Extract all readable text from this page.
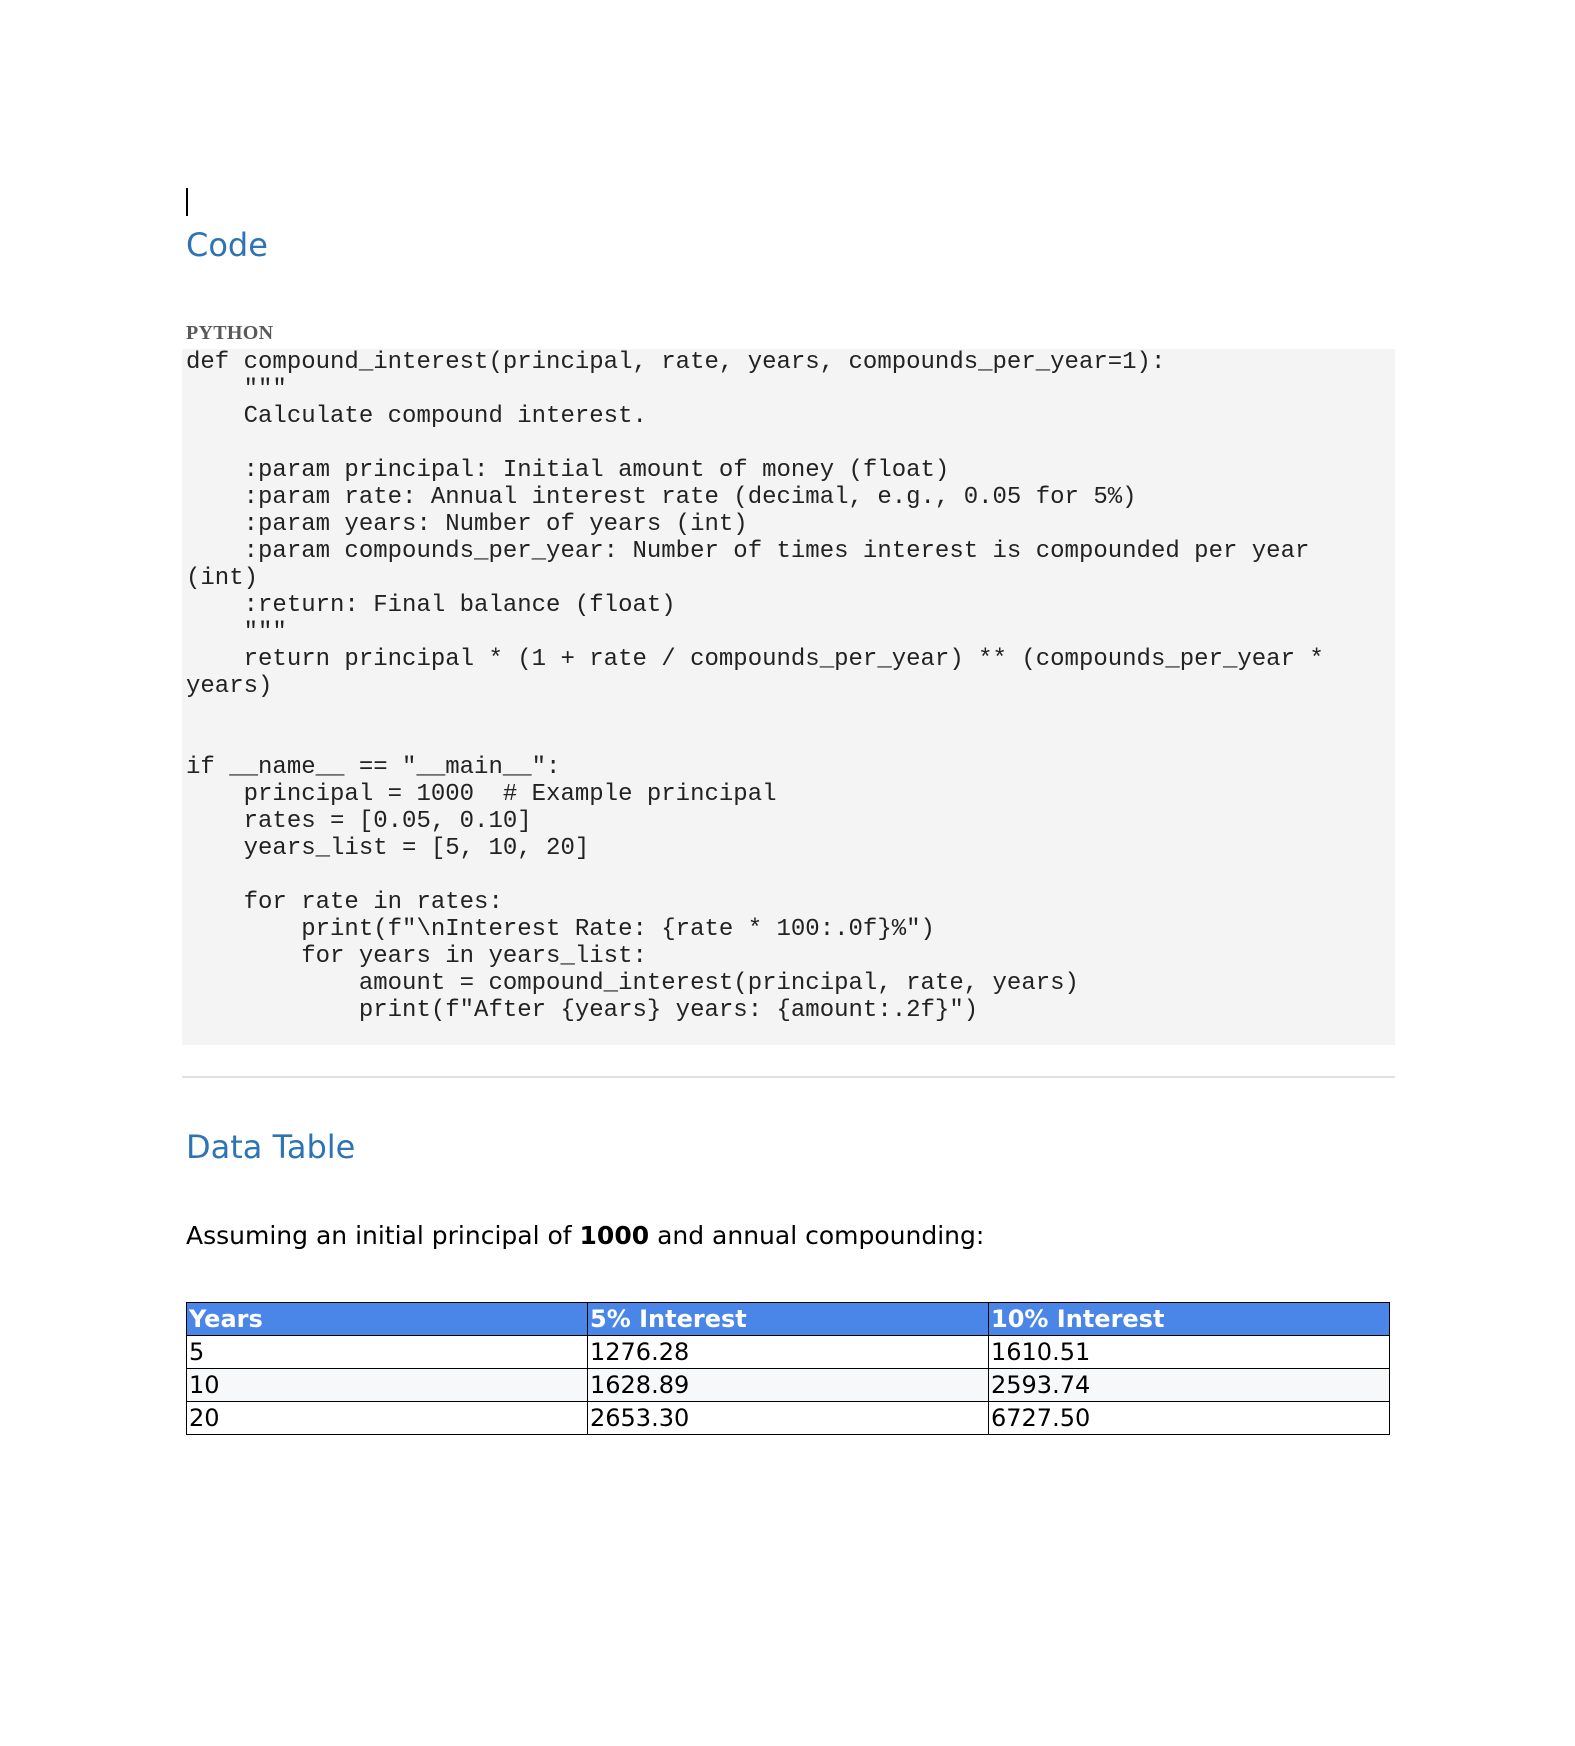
Code
PYTHON
def compound_interest(principal, rate, years, compounds_per_year=1):
"""
Calculate compound interest.

:param principal: Initial amount of money (float)
:param rate: Annual interest rate (decimal, e.g., 0.05 for 5%)
:param years: Number of years (int)
:param compounds_per_year: Number of times interest is compounded per year
(int)
:return: Final balance (float)
"""
return principal * (1 + rate / compounds_per_year) ** (compounds_per_year *
years)

if __name__ == "__main__":
principal = 1000  # Example principal
rates = [0.05, 0.10]
years_list = [5, 10, 20]

for rate in rates:
print(f"\nInterest Rate: {rate * 100:.0f}%")
for years in years_list:
amount = compound_interest(principal, rate, years)
print(f"After {years} years: {amount:.2f}")
Data Table
Assuming an initial principal of 1000 and annual compounding:
Years	5% Interest	10% Interest
5	1276.28	1610.51
10	1628.89	2593.74
20	2653.30	6727.50
